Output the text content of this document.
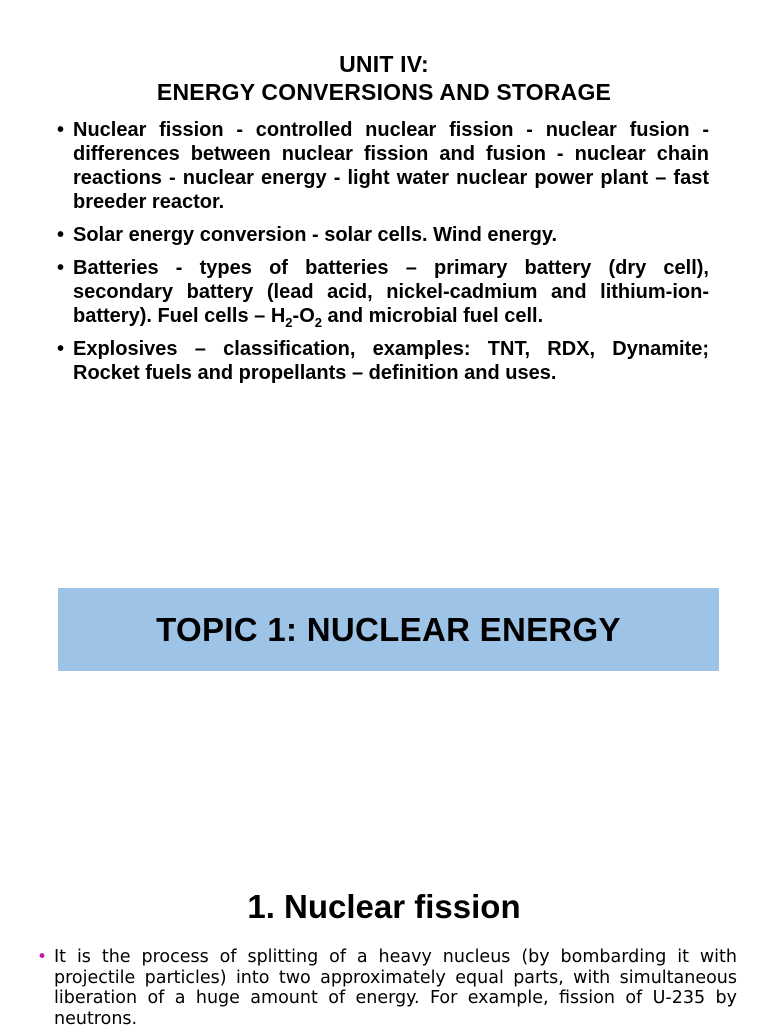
UNIT IV:
ENERGY CONVERSIONS AND STORAGE
• Nuclear fission - controlled nuclear fission - nuclear fusion - differences between nuclear fission and fusion - nuclear chain reactions - nuclear energy - light water nuclear power plant – fast breeder reactor.
• Solar energy conversion - solar cells. Wind energy.
• Batteries - types of batteries – primary battery (dry cell), secondary battery (lead acid, nickel-cadmium and lithium-ion-battery). Fuel cells – $H_2-O_2$ and microbial fuel cell.
• Explosives – classification, examples: TNT, RDX, Dynamite; Rocket fuels and propellants – definition and uses.
TOPIC 1: NUCLEAR ENERGY
1. Nuclear fission
• It is the process of splitting of a heavy nucleus (by bombarding it with projectile particles) into two approximately equal parts, with simultaneous liberation of a huge amount of energy. For example, fission of U-235 by neutrons.
